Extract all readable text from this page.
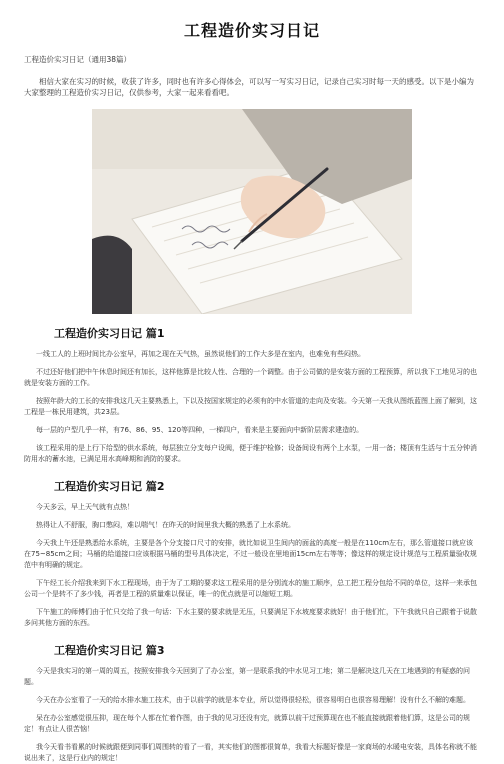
工程造价实习日记
工程造价实习日记（通用38篇）
相信大家在实习的时候，收获了许多，同时也有许多心得体会，可以写一写实习日记，记录自己实习时每一天的感受。以下是小编为大家整理的工程造价实习日记，仅供参考，大家一起来看看吧。
工程造价实习日记 篇1
一线工人的上班时间比办公室早，再加之现在天气热，虽然说他们的工作大多是在室内，也难免有些闷热。
不过还好他们把中午休息时间还有加长，这样他算是比较人性、合理的一个调整。由于公司做的是安装方面的工程预算，所以我下工地见习的也就是安装方面的工作。
按照年龄大的工长的安排我这几天主要熟悉上，下以及按国家规定的必须有的中水管道的走向及安装。今天第一天我从图纸蓝图上面了解到，这工程是一栋民用建筑，共23层。
每一层的户型几乎一样，有76、86、95、120等四种，一梯四户，看来是主要面向中新阶层需求建造的。
该工程采用的是上行下给型的供水系统，每层独立分支每户设阀，便于维护检修；设备间设有两个上水泵，一用一备；楼顶有生活与十五分钟消防用水的蓄水池，已满足用水高峰期和消防的要求。
工程造价实习日记 篇2
今天多云，早上天气就有点热！
热得让人不舒服，胸口憋闷，难以喘气！在昨天的时间里我大概的熟悉了上水系统。
今天我上午还是熟悉给水系统，主要是各个分支接口尺寸的安排，就比如说卫生间内的面盆的高度一般是在110cm左右，那么管道接口就应该在75~85cm之间；马桶的给道接口应该根据马桶的型号具体决定，不过一般设在里地面15cm左右等等；像这样的规定设计规范与工程质量验收规范中有明确的规定。
下午经工长介绍我来到下水工程现场，由于为了工期的要求这工程采用的是分别流水的施工顺序，总工把工程分包给不同的单位，这样一来承包公司一个是转不了多少钱，再者是工程的质量难以保证，唯一的优点就是可以缩短工期。
下午施工的师傅们由于忙只交给了我一句话：下水主要的要求就是无压，只要满足下水坡度要求就好！由于他们忙，下午我就只自己跟着于说散多问其他方面的东西。
工程造价实习日记 篇3
今天是我实习的第一周的周五，按照安排我今天回到了了办公室，第一是联系我的中水见习工地；第二是解决这几天在工地遇到的有疑惑的问题。
今天在办公室看了一天的给水排水施工技术，由于以前学的就是本专业，所以觉得很轻松，很容易明白也很容易理解！没有什么不解的难题。
呆在办公室感觉很压抑，现在每个人都在忙着作图，由于我的见习还没有完，就算以前干过预算现在也不能直接就跟着他们算，这是公司的规定！有点让人很苦恼！
我今天看书看累的时候就跟便到同事们周围转的看了一看，其实他们的图都很简单，我看大标题好像是一家商场的水暖电安装，具体名称就不能说出来了，这是行业内的规定！
